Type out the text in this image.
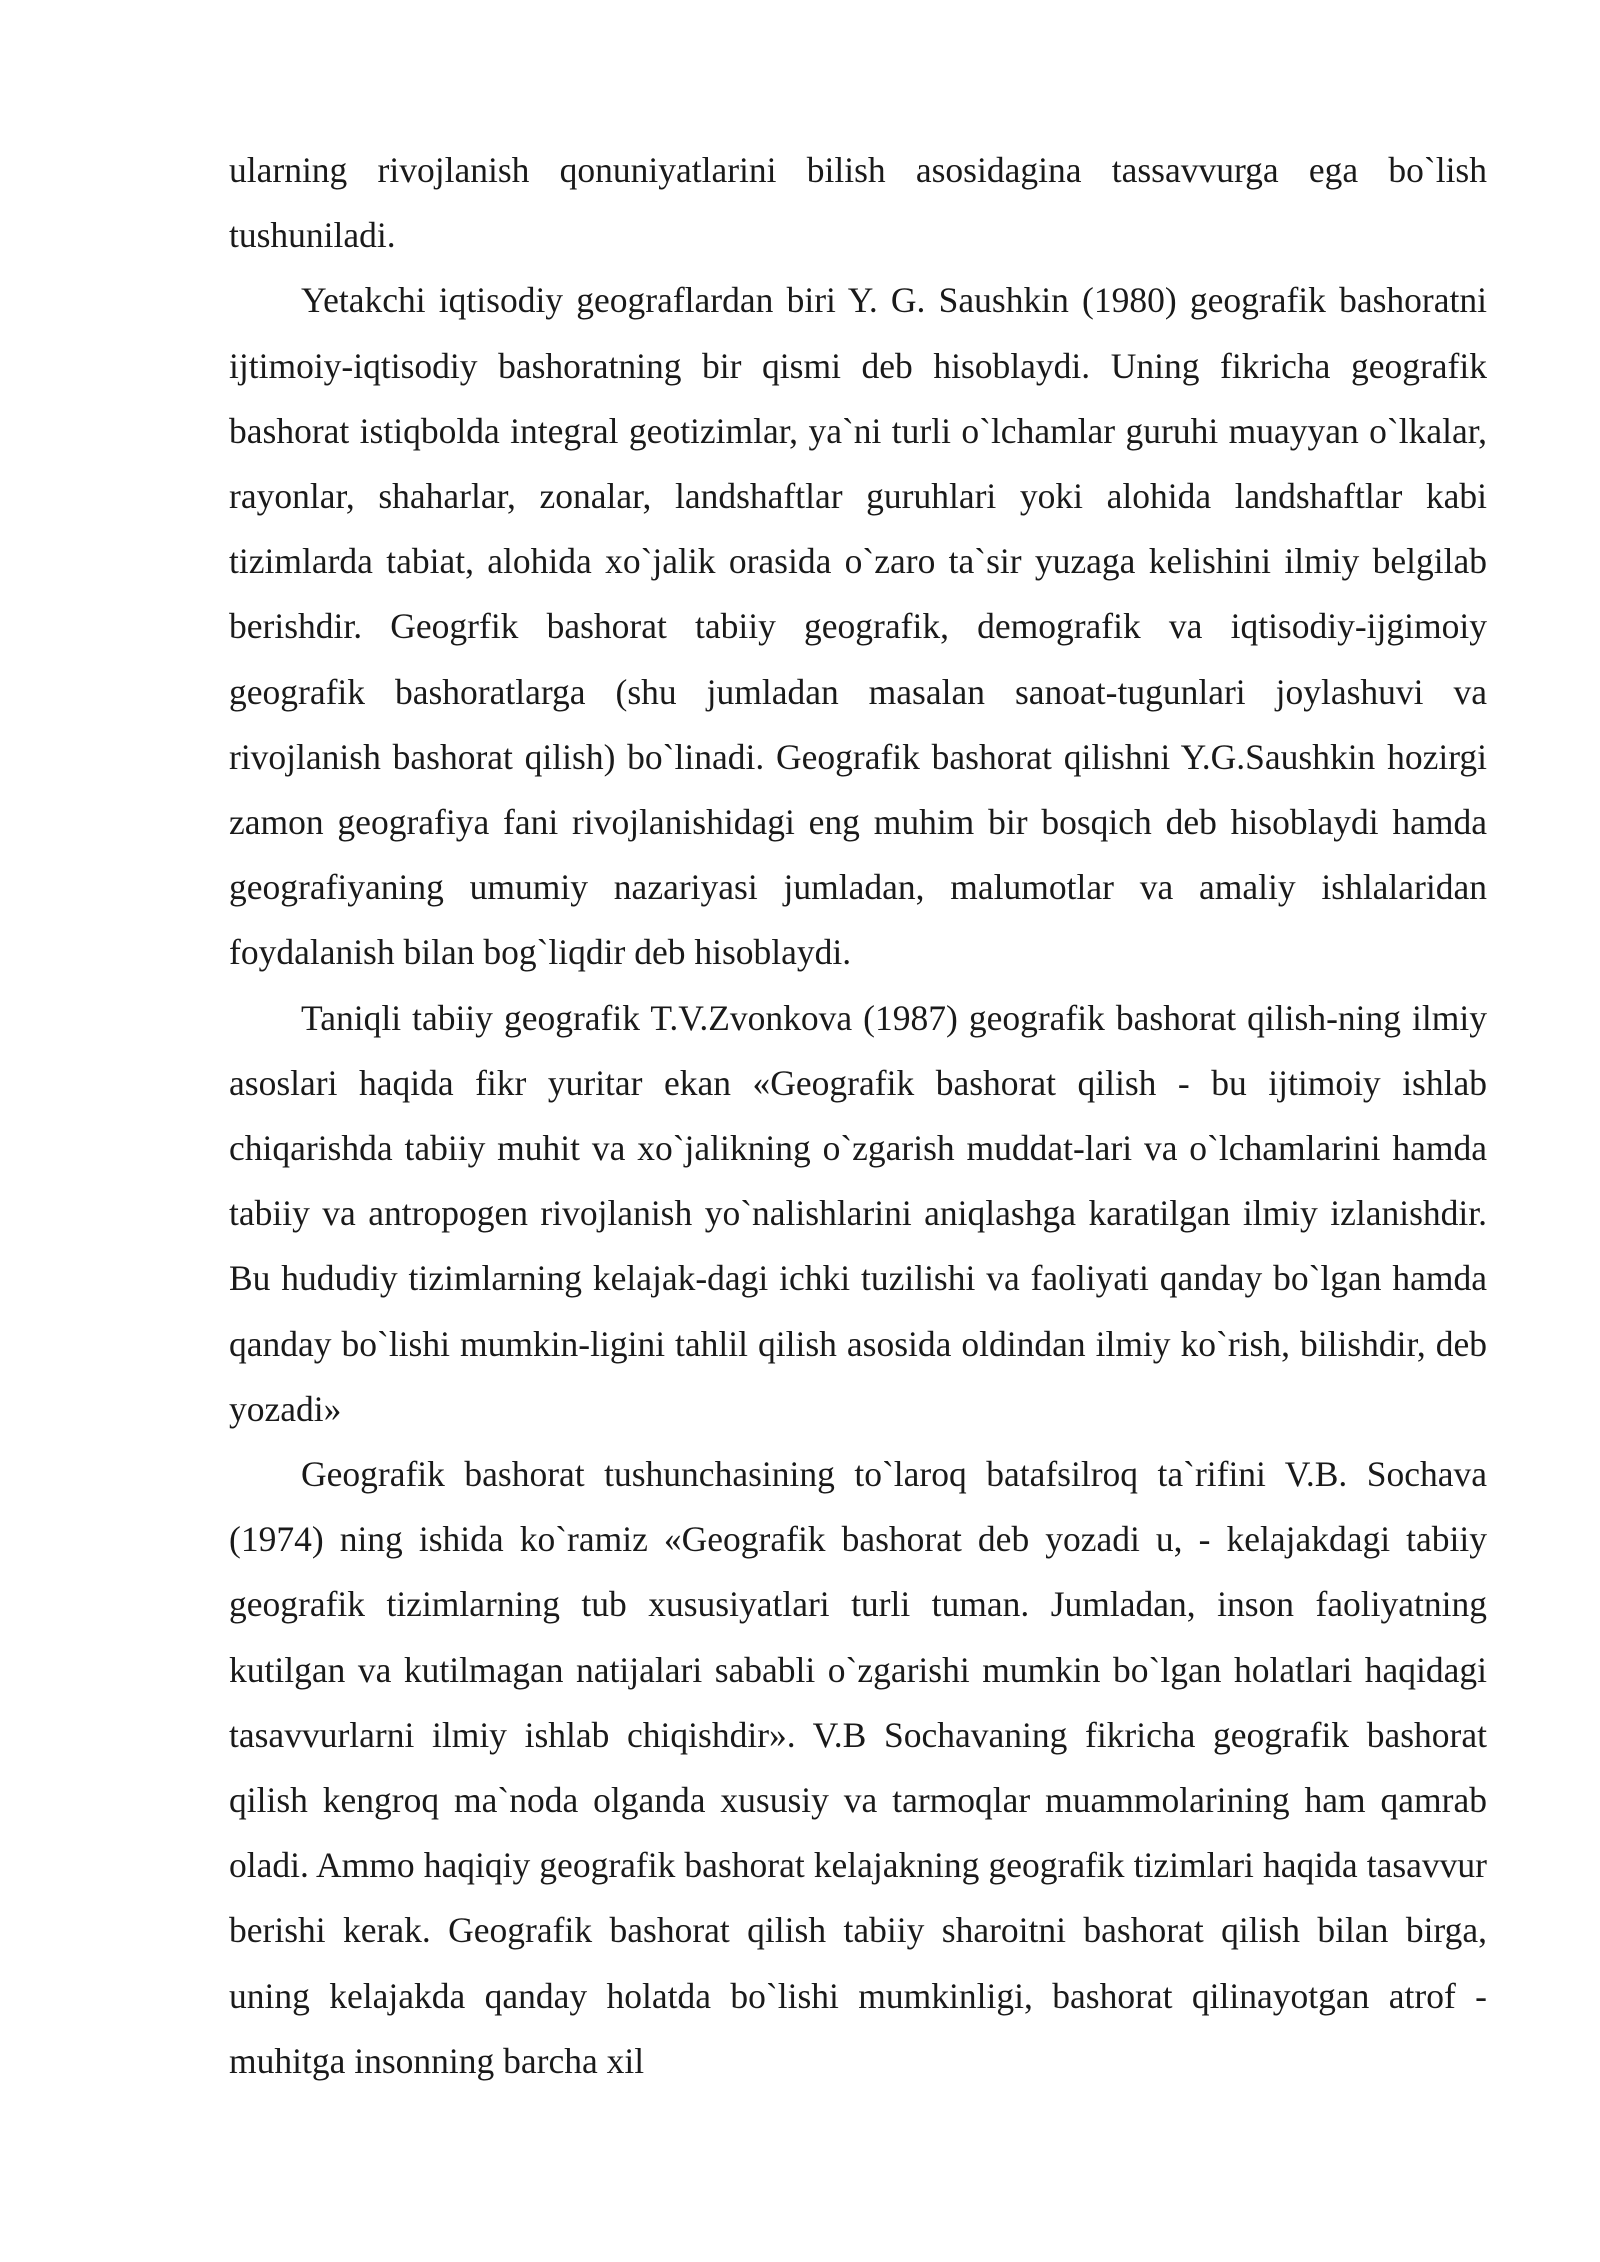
ularning rivojlanish qonuniyatlarini bilish asosidagina tassavvurga ega bo`lish tushuniladi.

Yetakchi iqtisodiy geograflardan biri Y. G. Saushkin (1980) geografik bashoratni ijtimoiy-iqtisodiy bashoratning bir qismi deb hisoblaydi. Uning fikricha geografik bashorat istiqbolda integral geotizimlar, ya`ni turli o`lchamlar guruhi muayyan o`lkalar, rayonlar, shaharlar, zonalar, landshaftlar guruhlari yoki alohida landshaftlar kabi tizimlarda tabiat, alohida xo`jalik orasida o`zaro ta`sir yuzaga kelishini ilmiy belgilab berishdir. Geogrfik bashorat tabiiy geografik, demografik va iqtisodiy-ijgimoiy geografik bashoratlarga (shu jumladan masalan sanoat-tugunlari joylashuvi va rivojlanish bashorat qilish) bo`linadi. Geografik bashorat qilishni Y.G.Saushkin hozirgi zamon geografiya fani rivojlanishidagi eng muhim bir bosqich deb hisoblaydi hamda geografiyaning umumiy nazariyasi jumladan, malumotlar va amaliy ishlalaridan foydalanish bilan bog`liqdir deb hisoblaydi.

Taniqli tabiiy geografik T.V.Zvonkova (1987) geografik bashorat qilish-ning ilmiy asoslari haqida fikr yuritar ekan «Geografik bashorat qilish - bu ijtimoiy ishlab chiqarishda tabiiy muhit va xo`jalikning o`zgarish muddat-lari va o`lchamlarini hamda tabiiy va antropogen rivojlanish yo`nalishlarini aniqlashga karatilgan ilmiy izlanishdir. Bu hududiy tizimlarning kelajak-dagi ichki tuzilishi va faoliyati qanday bo`lgan hamda qanday bo`lishi mumkin-ligini tahlil qilish asosida oldindan ilmiy ko`rish, bilishdir, deb yozadi»

Geografik bashorat tushunchasining to`laroq batafsilroq ta`rifini V.B. Sochava (1974) ning ishida ko`ramiz «Geografik bashorat deb yozadi u, - kelajakdagi tabiiy geografik tizimlarning tub xususiyatlari turli tuman. Jumladan, inson faoliyatning kutilgan va kutilmagan natijalari sababli o`zgarishi mumkin bo`lgan holatlari haqidagi tasavvurlarni ilmiy ishlab chiqishdir». V.B Sochavaning fikricha geografik bashorat qilish kengroq ma`noda olganda xususiy va tarmoqlar muammolarining ham qamrab oladi. Ammo haqiqiy geografik bashorat kelajakning geografik tizimlari haqida tasavvur berishi kerak. Geografik bashorat qilish tabiiy sharoitni bashorat qilish bilan birga, uning kelajakda qanday holatda bo`lishi mumkinligi, bashorat qilinayotgan atrof - muhitga insonning barcha xil
